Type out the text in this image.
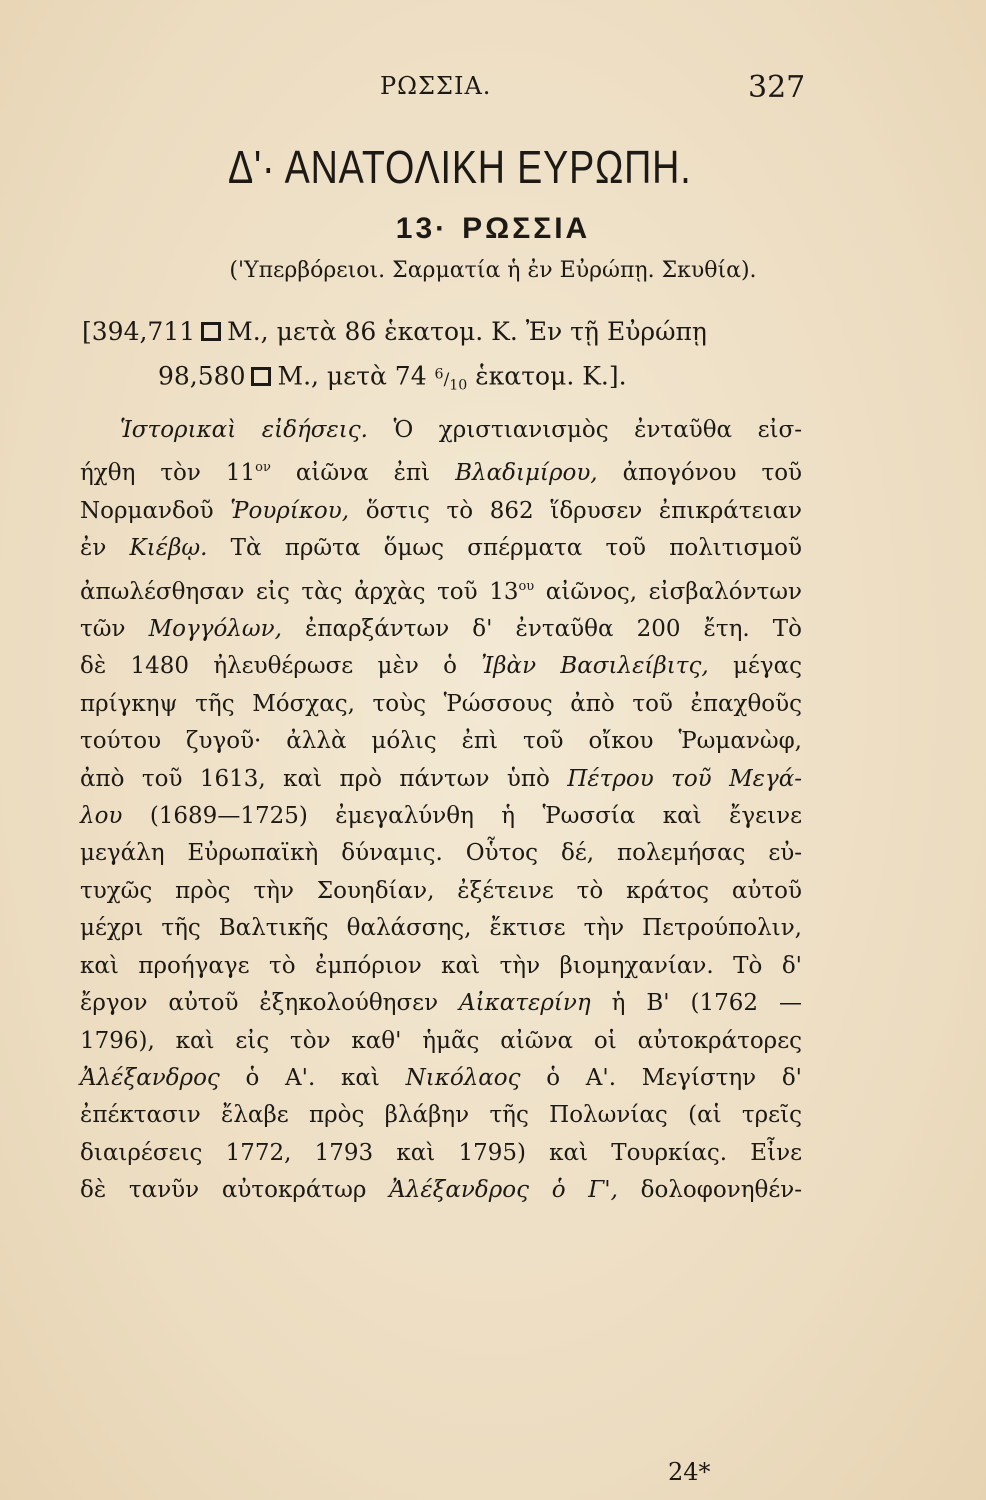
ΡΩΣΣΙΑ.	327
Δ'· ΑΝΑΤΟΛΙΚΗ ΕΥΡΩΠΗ.
13· ΡΩΣΣΙΑ
('Υπερβόρειοι. Σαρματία ἡ ἐν Εὐρώπῃ. Σκυθία).
[394,711 Μ., μετὰ 86 ἑκατομ. Κ. Ἐν τῇ Εὐρώπῃ
98,580 Μ., μετὰ 74 $^6/_{10}$ ἑκατομ. Κ.].
Ἱστορικαὶ εἰδήσεις. Ὁ χριστιανισμὸς ἐνταῦθα εἰσ-
ήχθη τὸν $11^{o\nu}$ αἰῶνα ἐπὶ Βλαδιμίρου, ἀπογόνου τοῦ
Νορμανδοῦ Ῥουρίκου, ὅστις τὸ 862 ἵδρυσεν ἐπικράτειαν
ἐν Κιέβῳ. Τὰ πρῶτα ὅμως σπέρματα τοῦ πολιτισμοῦ
ἀπωλέσθησαν εἰς τὰς ἀρχὰς τοῦ $13^{o\upsilon}$ αἰῶνος, εἰσβαλόντων
τῶν Μογγόλων, ἐπαρξάντων δ' ἐνταῦθα 200 ἔτη. Τὸ
δὲ 1480 ἠλευθέρωσε μὲν ὁ Ἰβὰν Βασιλείβιτς, μέγας
πρίγκηψ τῆς Μόσχας, τοὺς Ῥώσσους ἀπὸ τοῦ ἐπαχθοῦς
τούτου ζυγοῦ· ἀλλὰ μόλις ἐπὶ τοῦ οἴκου Ῥωμανὼφ,
ἀπὸ τοῦ 1613, καὶ πρὸ πάντων ὑπὸ Πέτρου τοῦ Μεγά-
λου (1689—1725) ἐμεγαλύνθη ἡ Ῥωσσία καὶ ἔγεινε
μεγάλη Εὐρωπαϊκὴ δύναμις. Οὗτος δέ, πολεμήσας εὐ-
τυχῶς πρὸς τὴν Σουηδίαν, ἐξέτεινε τὸ κράτος αὐτοῦ
μέχρι τῆς Βαλτικῆς θαλάσσης, ἔκτισε τὴν Πετρούπολιν,
καὶ προήγαγε τὸ ἐμπόριον καὶ τὴν βιομηχανίαν. Τὸ δ'
ἔργον αὐτοῦ ἐξηκολούθησεν Αἰκατερίνη ἡ Β' (1762 —
1796), καὶ εἰς τὸν καθ' ἡμᾶς αἰῶνα οἱ αὐτοκράτορες
Ἀλέξανδρος ὁ Α'. καὶ Νικόλαος ὁ Α'. Μεγίστην δ'
ἐπέκτασιν ἔλαβε πρὸς βλάβην τῆς Πολωνίας (αἱ τρεῖς
διαιρέσεις 1772, 1793 καὶ 1795) καὶ Τουρκίας. Εἶνε
δὲ τανῦν αὐτοκράτωρ Ἀλέξανδρος ὁ Γ', δολοφονηθέν-
24*
